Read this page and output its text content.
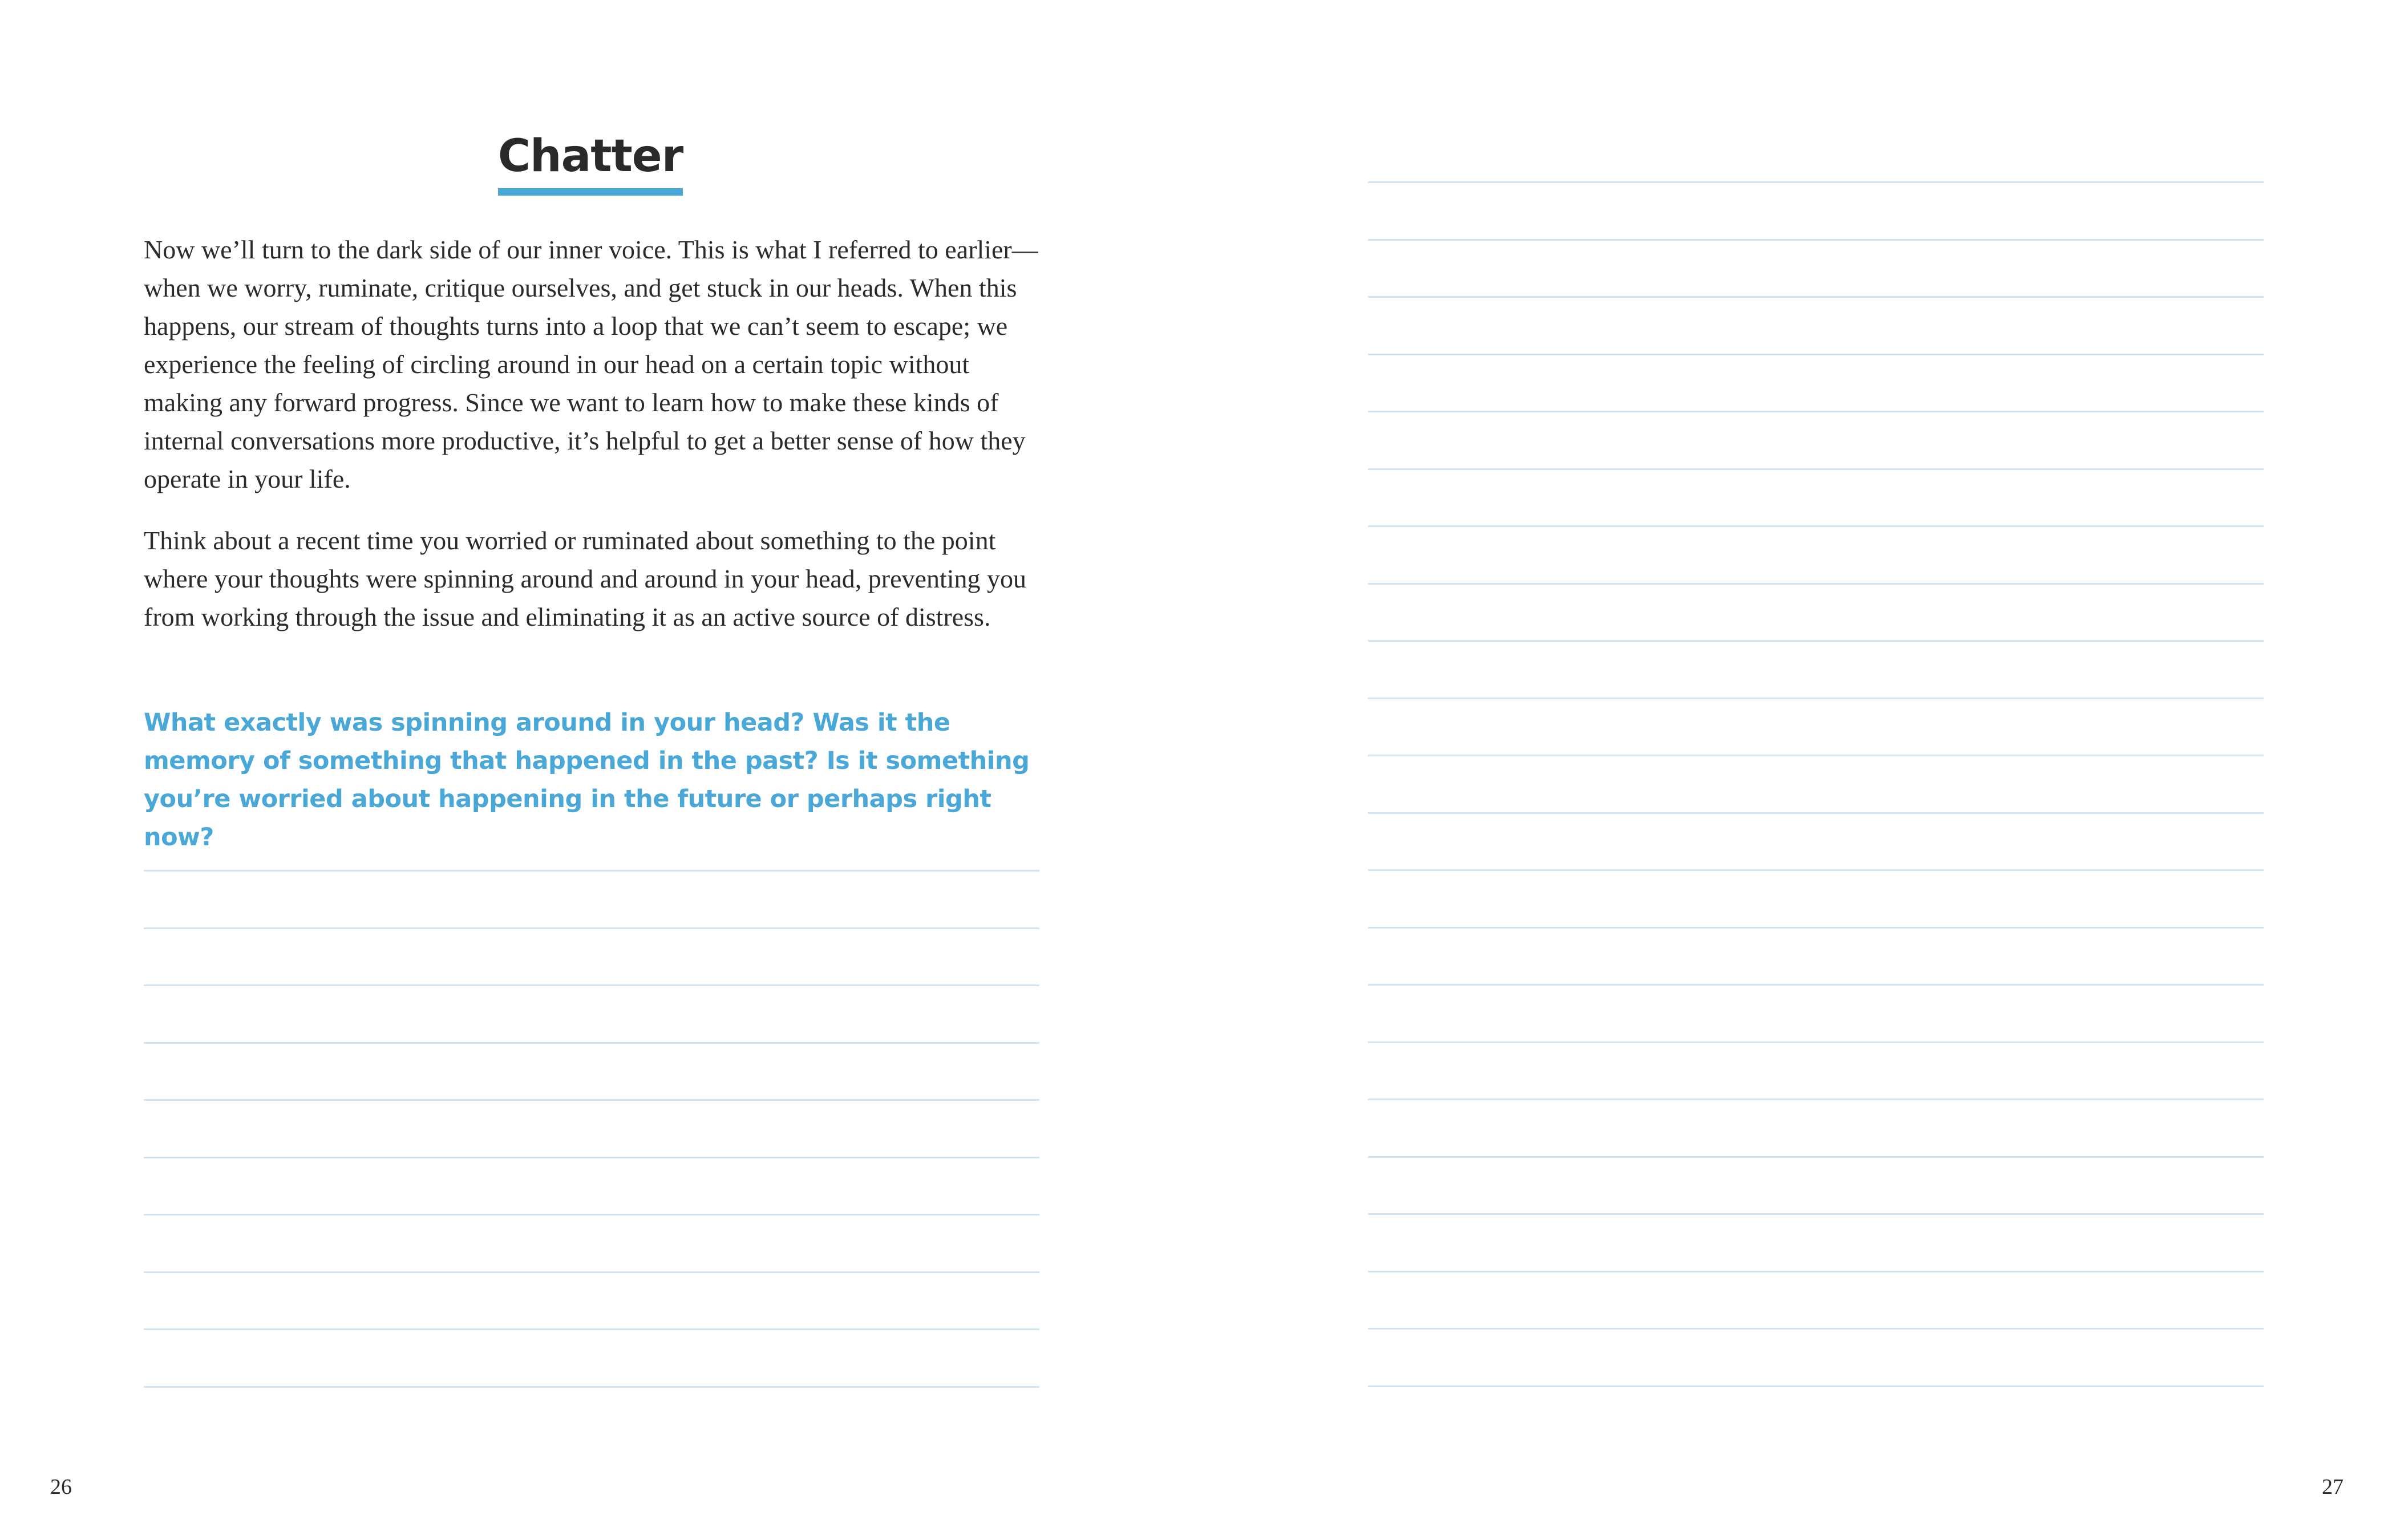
Chatter

Now we’ll turn to the dark side of our inner voice. This is what I referred to earlier—when we worry, ruminate, critique ourselves, and get stuck in our heads. When this happens, our stream of thoughts turns into a loop that we can’t seem to escape; we experience the feeling of circling around in our head on a certain topic without making any forward progress. Since we want to learn how to make these kinds of internal conversations more productive, it’s helpful to get a better sense of how they operate in your life.

Think about a recent time you worried or ruminated about something to the point where your thoughts were spinning around and around in your head, preventing you from working through the issue and eliminating it as an active source of distress.

What exactly was spinning around in your head? Was it the memory of something that happened in the past? Is it something you’re worried about happening in the future or perhaps right now?

26	27
